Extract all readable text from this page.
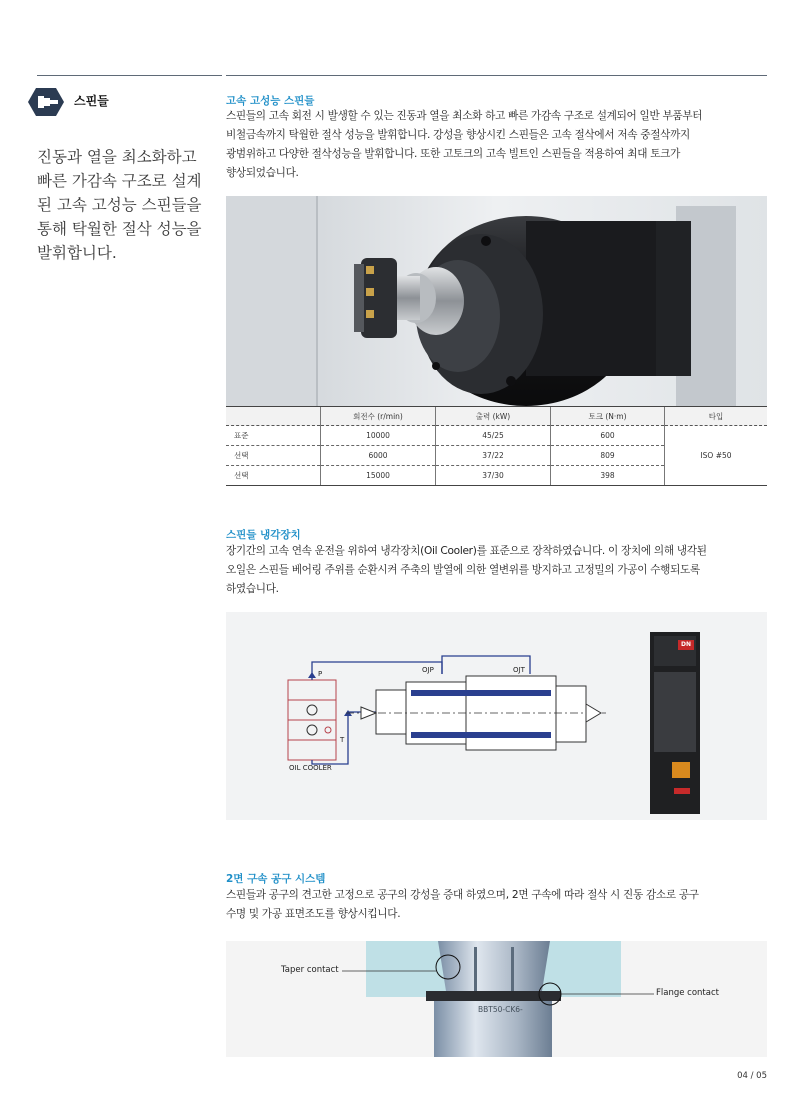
스핀들
진동과 열을 최소화하고 빠른 가감속 구조로 설계된 고속 고성능 스핀들을 통해 탁월한 절삭 성능을 발휘합니다.
고속 고성능 스핀들
스핀들의 고속 회전 시 발생할 수 있는 진동과 열을 최소화 하고 빠른 가감속 구조로 설계되어 일반 부품부터
비철금속까지 탁월한 절삭 성능을 발휘합니다. 강성을 향상시킨 스핀들은 고속 절삭에서 저속 중절삭까지
광범위하고 다양한 절삭성능을 발휘합니다. 또한 고토크의 고속 빌트인 스핀들을 적용하여 최대 토크가
향상되었습니다.
	회전수 (r/min)	출력 (kW)	토크 (N·m)	타입
표준	10000	45/25	600	ISO #50
선택	6000	37/22	809	
선택	15000	37/30	398	
스핀들 냉각장치
장기간의 고속 연속 운전을 위하여 냉각장치(Oil Cooler)를 표준으로 장착하였습니다. 이 장치에 의해 냉각된
오일은 스핀들 베어링 주위를 순환시켜 주축의 발열에 의한 열변위를 방지하고 고정밀의 가공이 수행되도록
하였습니다.
OIL COOLER
P
T
OJP	OJT
DN
2면 구속 공구 시스템
스핀들과 공구의 견고한 고정으로 공구의 강성을 증대 하였으며, 2면 구속에 따라 절삭 시 진동 감소로 공구
수명 및 가공 표면조도를 향상시킵니다.
Taper contact
Flange contact
BBT50-CK6-
04 / 05
